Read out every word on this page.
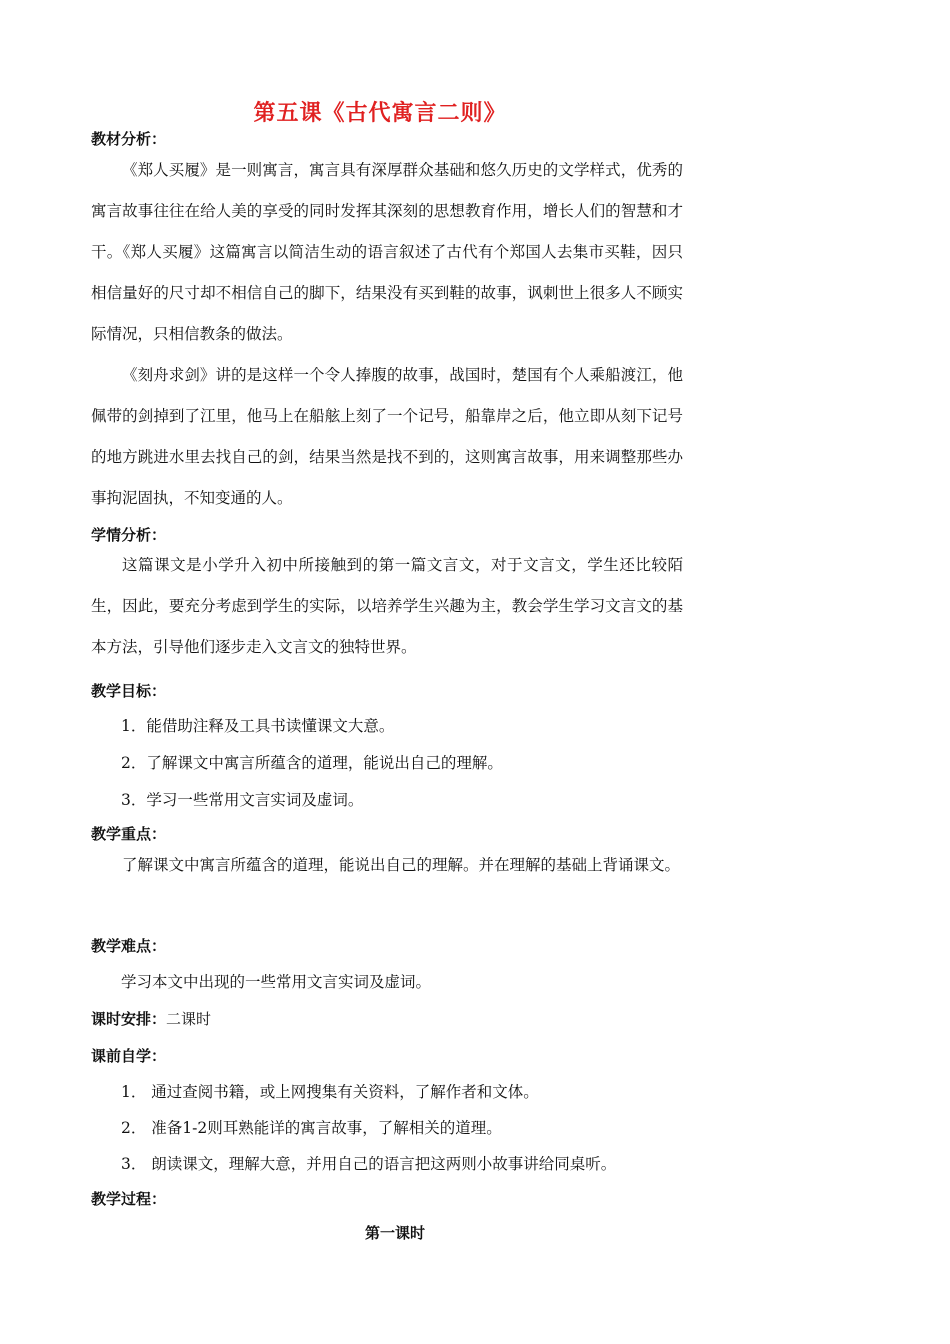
第五课《古代寓言二则》
教材分析：
《郑人买履》是一则寓言，寓言具有深厚群众基础和悠久历史的文学样式，优秀的寓言故事往往在给人美的享受的同时发挥其深刻的思想教育作用，增长人们的智慧和才干。《郑人买履》这篇寓言以简洁生动的语言叙述了古代有个郑国人去集市买鞋，因只相信量好的尺寸却不相信自己的脚下，结果没有买到鞋的故事，讽刺世上很多人不顾实际情况，只相信教条的做法。
《刻舟求剑》讲的是这样一个令人捧腹的故事，战国时，楚国有个人乘船渡江，他佩带的剑掉到了江里，他马上在船舷上刻了一个记号，船靠岸之后，他立即从刻下记号的地方跳进水里去找自己的剑，结果当然是找不到的，这则寓言故事，用来调整那些办事拘泥固执，不知变通的人。
学情分析：
这篇课文是小学升入初中所接触到的第一篇文言文，对于文言文，学生还比较陌生，因此，要充分考虑到学生的实际，以培养学生兴趣为主，教会学生学习文言文的基本方法，引导他们逐步走入文言文的独特世界。
教学目标：
1．能借助注释及工具书读懂课文大意。
2．了解课文中寓言所蕴含的道理，能说出自己的理解。
3．学习一些常用文言实词及虚词。
教学重点：
了解课文中寓言所蕴含的道理，能说出自己的理解。并在理解的基础上背诵课文。
教学难点：
学习本文中出现的一些常用文言实词及虚词。
课时安排：二课时
课前自学：
1． 通过查阅书籍，或上网搜集有关资料，了解作者和文体。
2． 准备1-2则耳熟能详的寓言故事，了解相关的道理。
3． 朗读课文，理解大意，并用自己的语言把这两则小故事讲给同桌听。
教学过程：
第一课时
